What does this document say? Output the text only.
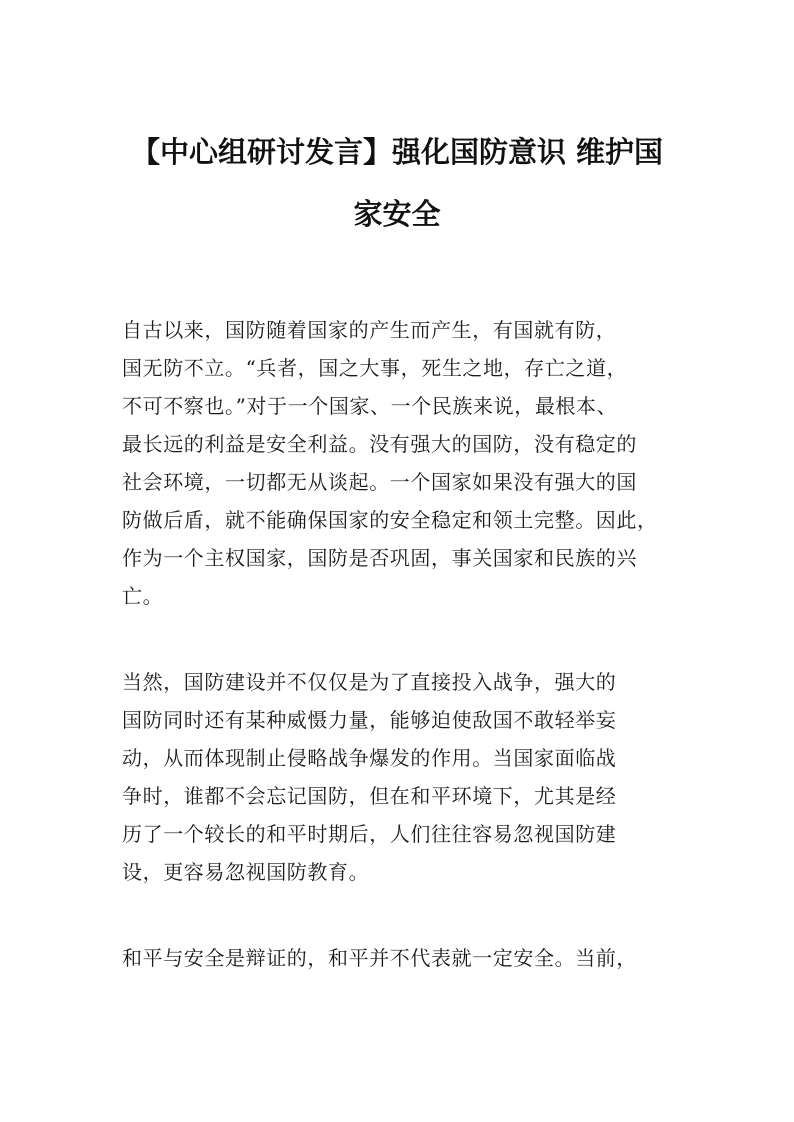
【中心组研讨发言】强化国防意识 维护国
家安全
自古以来，国防随着国家的产生而产生，有国就有防，
国无防不立。“兵者，国之大事，死生之地，存亡之道，
不可不察也。”对于一个国家、一个民族来说，最根本、
最长远的利益是安全利益。没有强大的国防，没有稳定的
社会环境，一切都无从谈起。一个国家如果没有强大的国
防做后盾，就不能确保国家的安全稳定和领土完整。因此，
作为一个主权国家，国防是否巩固，事关国家和民族的兴
亡。
当然，国防建设并不仅仅是为了直接投入战争，强大的
国防同时还有某种威慑力量，能够迫使敌国不敢轻举妄
动，从而体现制止侵略战争爆发的作用。当国家面临战
争时，谁都不会忘记国防，但在和平环境下，尤其是经
历了一个较长的和平时期后，人们往往容易忽视国防建
设，更容易忽视国防教育。
和平与安全是辩证的，和平并不代表就一定安全。当前，
